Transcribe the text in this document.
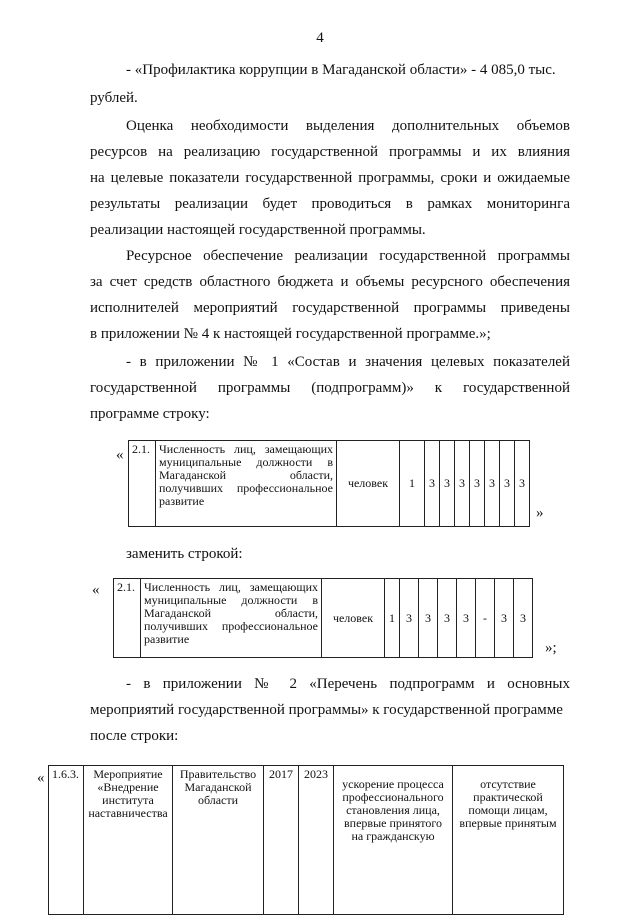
4
- «Профилактика коррупции в Магаданской области» - 4 085,0 тыс.
рублей.
Оценка необходимости выделения дополнительных объемов
ресурсов на реализацию государственной программы и их влияния
на целевые показатели государственной программы, сроки и ожидаемые
результаты реализации будет проводиться в рамках мониторинга
реализации настоящей государственной программы.
Ресурсное обеспечение реализации государственной программы
за счет средств областного бюджета и объемы ресурсного обеспечения
исполнителей мероприятий государственной программы приведены
в приложении № 4 к настоящей государственной программе.»;
- в приложении № 1 «Состав и значения целевых показателей
государственной программы (подпрограмм)» к государственной
программе строку:
« 2.1.	Численность лиц, замещающих муниципальные должности в Магаданской области, получивших профессиональное развитие	человек	1	3	3	3	3	3	3	3
»
заменить строкой:
« 2.1.	Численность лиц, замещающих муниципальные должности в Магаданской области, получивших профессиональное развитие	человек	1	3	3	3	3	-	3	3
»;
- в приложении № 2 «Перечень подпрограмм и основных
мероприятий государственной программы» к государственной программе
после строки:
« 1.6.3.	Мероприятие «Внедрение института наставничества	Правительство Магаданской области	2017	2023	ускорение процесса профессионального становления лица, впервые принятого на гражданскую	отсутствие практической помощи лицам, впервые принятым
